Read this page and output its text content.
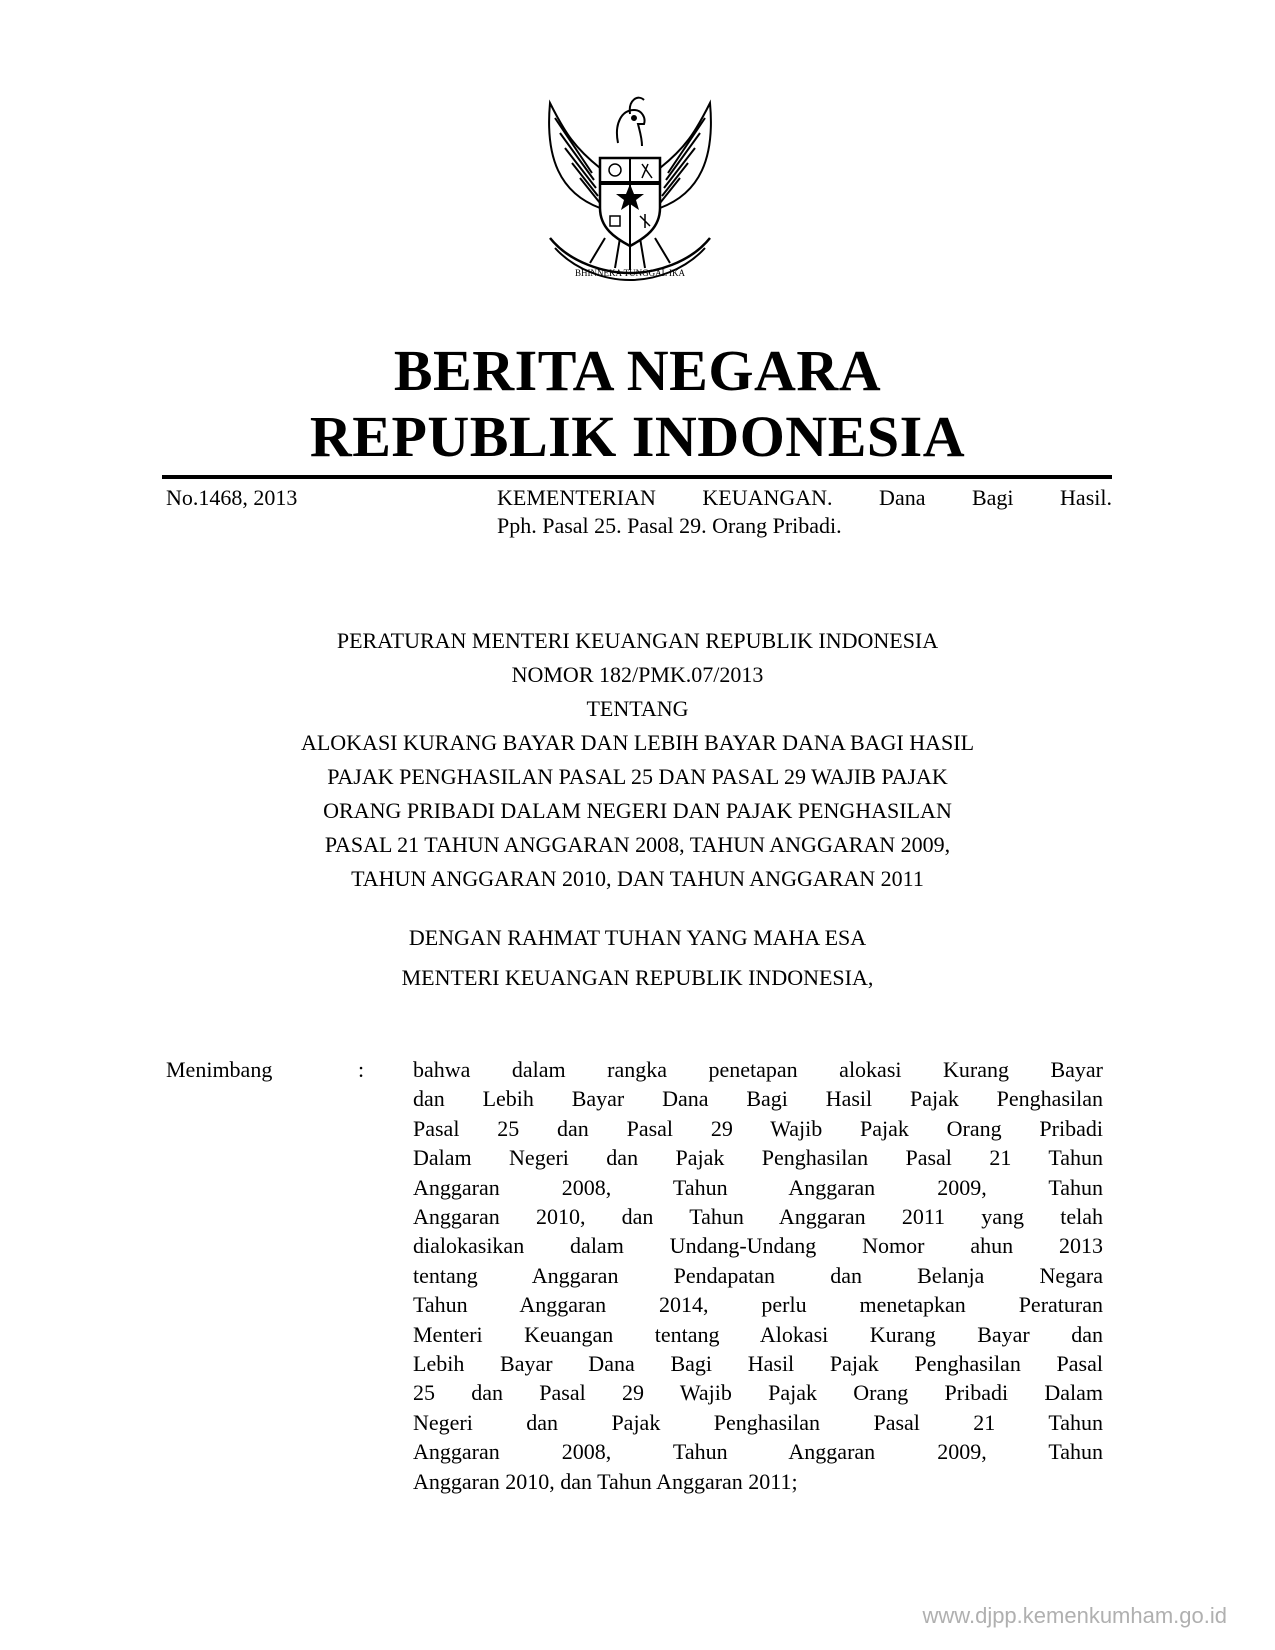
BHINNEKA TUNGGAL IKA
BERITA NEGARA
REPUBLIK INDONESIA
No.1468, 2013	KEMENTERIAN KEUANGAN. Dana Bagi Hasil.
Pph. Pasal 25. Pasal 29. Orang Pribadi.
PERATURAN MENTERI KEUANGAN REPUBLIK INDONESIA
NOMOR 182/PMK.07/2013
TENTANG
ALOKASI KURANG BAYAR DAN LEBIH BAYAR DANA BAGI HASIL
PAJAK PENGHASILAN PASAL 25 DAN PASAL 29 WAJIB PAJAK
ORANG PRIBADI DALAM NEGERI DAN PAJAK PENGHASILAN
PASAL 21 TAHUN ANGGARAN 2008, TAHUN ANGGARAN 2009,
TAHUN ANGGARAN 2010, DAN TAHUN ANGGARAN 2011
DENGAN RAHMAT TUHAN YANG MAHA ESA
MENTERI KEUANGAN REPUBLIK INDONESIA,
Menimbang	: bahwa dalam rangka penetapan alokasi Kurang Bayar
dan Lebih Bayar Dana Bagi Hasil Pajak Penghasilan
Pasal 25 dan Pasal 29 Wajib Pajak Orang Pribadi
Dalam Negeri dan Pajak Penghasilan Pasal 21 Tahun
Anggaran 2008, Tahun Anggaran 2009, Tahun
Anggaran 2010, dan Tahun Anggaran 2011 yang telah
dialokasikan dalam Undang-Undang Nomor ahun 2013
tentang Anggaran Pendapatan dan Belanja Negara
Tahun Anggaran 2014, perlu menetapkan Peraturan
Menteri Keuangan tentang Alokasi Kurang Bayar dan
Lebih Bayar Dana Bagi Hasil Pajak Penghasilan Pasal
25 dan Pasal 29 Wajib Pajak Orang Pribadi Dalam
Negeri dan Pajak Penghasilan Pasal 21 Tahun
Anggaran 2008, Tahun Anggaran 2009, Tahun
Anggaran 2010, dan Tahun Anggaran 2011;
www.djpp.kemenkumham.go.id
